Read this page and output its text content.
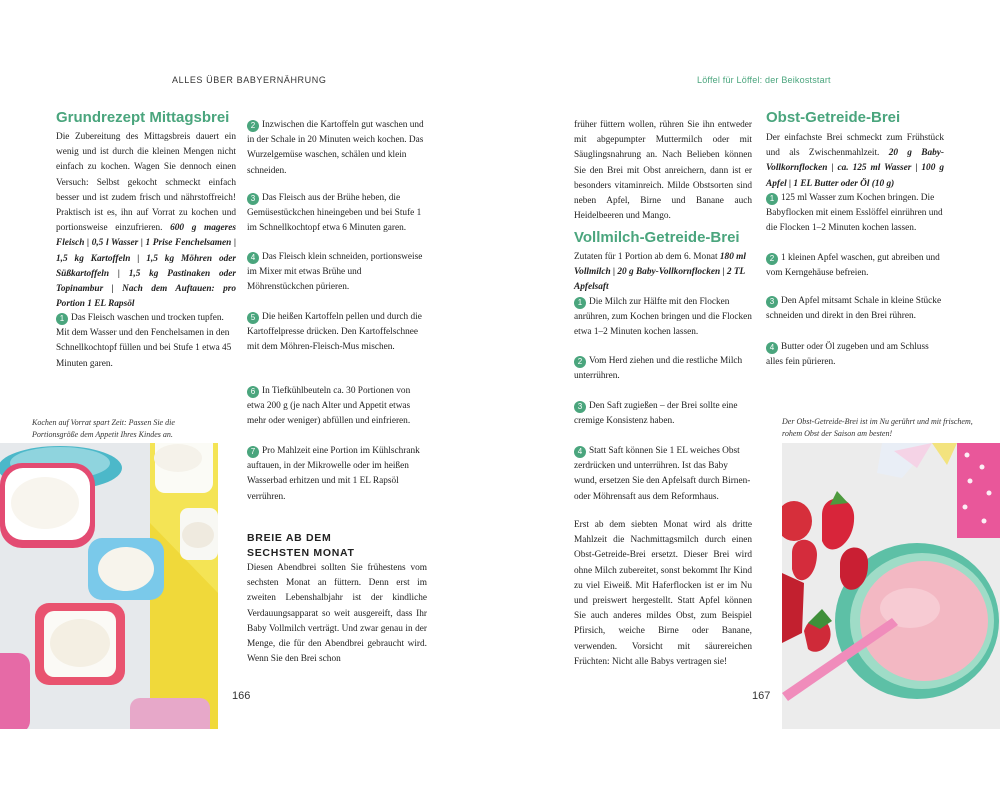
ALLES ÜBER BABYERNÄHRUNG
Grundrezept Mittagsbrei
Die Zubereitung des Mittagsbreis dauert ein wenig und ist durch die kleinen Mengen nicht einfach zu kochen. Wagen Sie dennoch einen Versuch: Selbst gekocht schmeckt einfach besser und ist zudem frisch und nährstoffreich! Praktisch ist es, ihn auf Vorrat zu kochen und portionsweise einzufrieren. 600 g mageres Fleisch | 0,5 l Wasser | 1 Prise Fenchelsamen | 1,5 kg Kartoffeln | 1,5 kg Möhren oder Süßkartoffeln | 1,5 kg Pastinaken oder Topinambur | Nach dem Auftauen: pro Portion 1 EL Rapsöl
1 Das Fleisch waschen und trocken tupfen. Mit dem Wasser und den Fenchelsamen in den Schnellkochtopf füllen und bei Stufe 1 etwa 45 Minuten garen.
2 Inzwischen die Kartoffeln gut waschen und in der Schale in 20 Minuten weich kochen. Das Wurzelgemüse waschen, schälen und klein schneiden.
3 Das Fleisch aus der Brühe heben, die Gemüsestückchen hineingeben und bei Stufe 1 im Schnellkochtopf etwa 6 Minuten garen.
4 Das Fleisch klein schneiden, portionsweise im Mixer mit etwas Brühe und Möhrenstückchen pürieren.
5 Die heißen Kartoffeln pellen und durch die Kartoffelpresse drücken. Den Kartoffelschnee mit dem Möhren-Fleisch-Mus mischen.
6 In Tiefkühlbeuteln ca. 30 Portionen von etwa 200 g (je nach Alter und Appetit etwas mehr oder weniger) abfüllen und einfrieren.
7 Pro Mahlzeit eine Portion im Kühlschrank auftauen, in der Mikrowelle oder im heißen Wasserbad erhitzen und mit 1 EL Rapsöl verrühren.
BREIE AB DEM SECHSTEN MONAT
Diesen Abendbrei sollten Sie frühestens vom sechsten Monat an füttern. Denn erst im zweiten Lebenshalbjahr ist der kindliche Verdauungsapparat so weit ausgereift, dass Ihr Baby Vollmilch verträgt. Und zwar genau in der Menge, die für den Abendbrei gebraucht wird. Wenn Sie den Brei schon
Kochen auf Vorrat spart Zeit: Passen Sie die Portionsgröße dem Appetit Ihres Kindes an.
166
Löffel für Löffel: der Beikoststart
früher füttern wollen, rühren Sie ihn entweder mit abgepumpter Muttermilch oder mit Säuglingsnahrung an. Nach Belieben können Sie den Brei mit Obst anreichern, dann ist er besonders vitaminreich. Milde Obstsorten sind neben Apfel, Birne und Banane auch Heidelbeeren und Mango.
Vollmilch-Getreide-Brei
Zutaten für 1 Portion ab dem 6. Monat 180 ml Vollmilch | 20 g Baby-Vollkornflocken | 2 TL Apfelsaft
1 Die Milch zur Hälfte mit den Flocken anrühren, zum Kochen bringen und die Flocken etwa 1–2 Minuten kochen lassen.
2 Vom Herd ziehen und die restliche Milch unterrühren.
3 Den Saft zugießen – der Brei sollte eine cremige Konsistenz haben.
4 Statt Saft können Sie 1 EL weiches Obst zerdrücken und unterrühren. Ist das Baby wund, ersetzen Sie den Apfelsaft durch Birnen- oder Möhrensaft aus dem Reformhaus.
Erst ab dem siebten Monat wird als dritte Mahlzeit die Nachmittagsmilch durch einen Obst-Getreide-Brei ersetzt. Dieser Brei wird ohne Milch zubereitet, sonst bekommt Ihr Kind zu viel Eiweiß. Mit Haferflocken ist er im Nu und preiswert hergestellt. Statt Apfel können Sie auch anderes mildes Obst, zum Beispiel Pfirsich, weiche Birne oder Banane, verwenden. Vorsicht mit säurereichen Früchten: Nicht alle Babys vertragen sie!
Obst-Getreide-Brei
Der einfachste Brei schmeckt zum Frühstück und als Zwischenmahlzeit. 20 g Baby-Vollkornflocken | ca. 125 ml Wasser | 100 g Apfel | 1 EL Butter oder Öl (10 g)
1 125 ml Wasser zum Kochen bringen. Die Babyflocken mit einem Esslöffel einrühren und die Flocken 1–2 Minuten kochen lassen.
2 1 kleinen Apfel waschen, gut abreiben und vom Kerngehäuse befreien.
3 Den Apfel mitsamt Schale in kleine Stücke schneiden und direkt in den Brei rühren.
4 Butter oder Öl zugeben und am Schluss alles fein pürieren.
Der Obst-Getreide-Brei ist im Nu gerührt und mit frischem, rohem Obst der Saison am besten!
167
